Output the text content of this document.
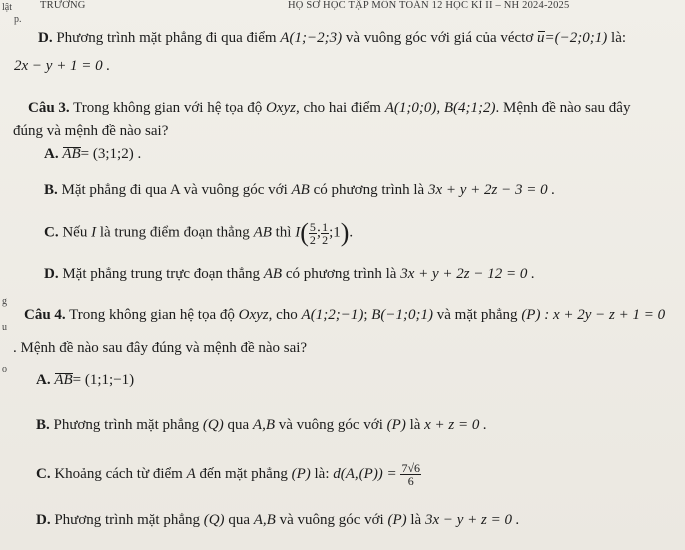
TRƯỜNG	HỌ SƠ HỌC TẬP MÔN TOÁN 12 HỌC KÌ II – NH 2024-2025
lật
p.
g
u
o
D. Phương trình mặt phẳng đi qua điểm A(1;−2;3) và vuông góc với giá của véctơ u=(−2;0;1) là:
2x − y + 1 = 0 .
Câu 3. Trong không gian với hệ tọa độ Oxyz, cho hai điểm A(1;0;0), B(4;1;2). Mệnh đề nào sau đây
đúng và mệnh đề nào sai?
A. AB= (3;1;2) .
B. Mặt phẳng đi qua A và vuông góc với AB có phương trình là 3x + y + 2z − 3 = 0 .
C. Nếu I là trung điểm đoạn thẳng AB thì $I( \frac{5}{2}$ ; $\frac{1}{2}$ ;1).
D. Mặt phẳng trung trực đoạn thẳng AB có phương trình là 3x + y + 2z − 12 = 0 .
Câu 4. Trong không gian hệ tọa độ Oxyz, cho A(1;2;−1); B(−1;0;1) và mặt phẳng (P) : x + 2y − z + 1 = 0
. Mệnh đề nào sau đây đúng và mệnh đề nào sai?
A. AB= (1;1;−1)
B. Phương trình mặt phẳng (Q) qua A,B và vuông góc với (P) là x + z = 0 .
C. Khoảng cách từ điểm A đến mặt phẳng (P) là: $d(A,(P)) = \frac{7√6}{6}$
D. Phương trình mặt phẳng (Q) qua A,B và vuông góc với (P) là 3x − y + z = 0 .
